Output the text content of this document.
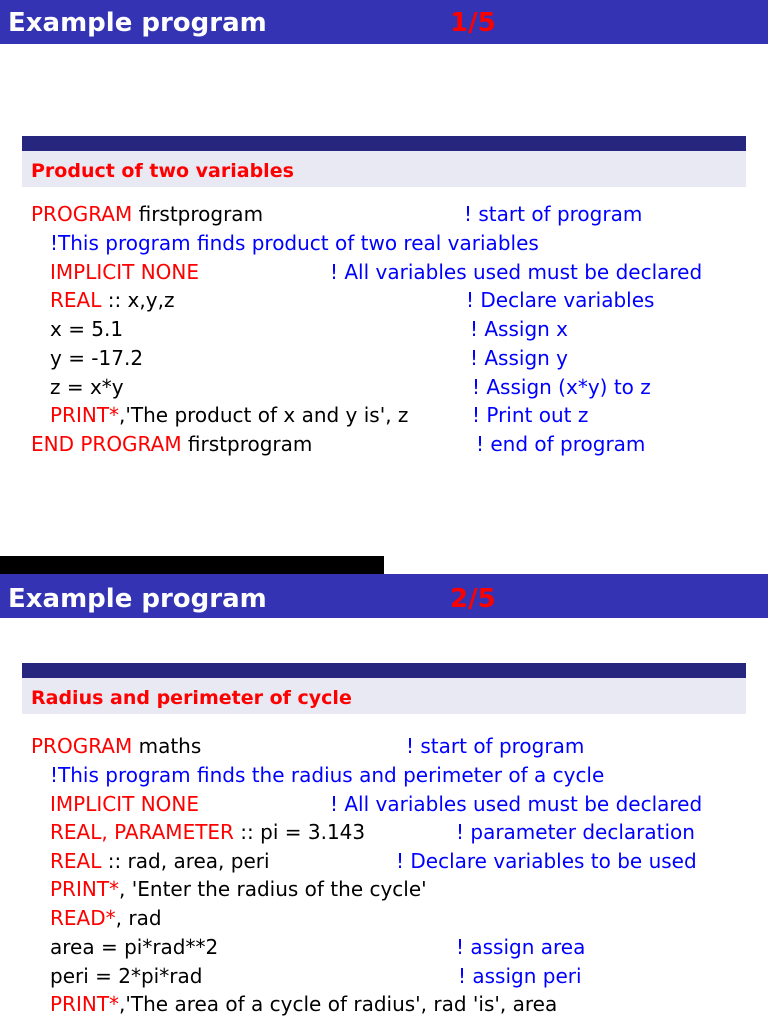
Example program	1/5
Product of two variables
PROGRAM firstprogram	! start of program
!This program finds product of two real variables
IMPLICIT NONE	! All variables used must be declared
REAL :: x,y,z	! Declare variables
x = 5.1	! Assign x
y = -17.2	! Assign y
z = x*y	! Assign (x*y) to z
PRINT*,'The product of x and y is', z	! Print out z
END PROGRAM firstprogram	! end of program
Example program	2/5
Radius and perimeter of cycle
PROGRAM maths	! start of program
!This program finds the radius and perimeter of a cycle
IMPLICIT NONE	! All variables used must be declared
REAL, PARAMETER :: pi = 3.143	! parameter declaration
REAL :: rad, area, peri	! Declare variables to be used
PRINT*, 'Enter the radius of the cycle'
READ*, rad
area = pi*rad**2	! assign area
peri = 2*pi*rad	! assign peri
PRINT*,'The area of a cycle of radius', rad 'is', area
